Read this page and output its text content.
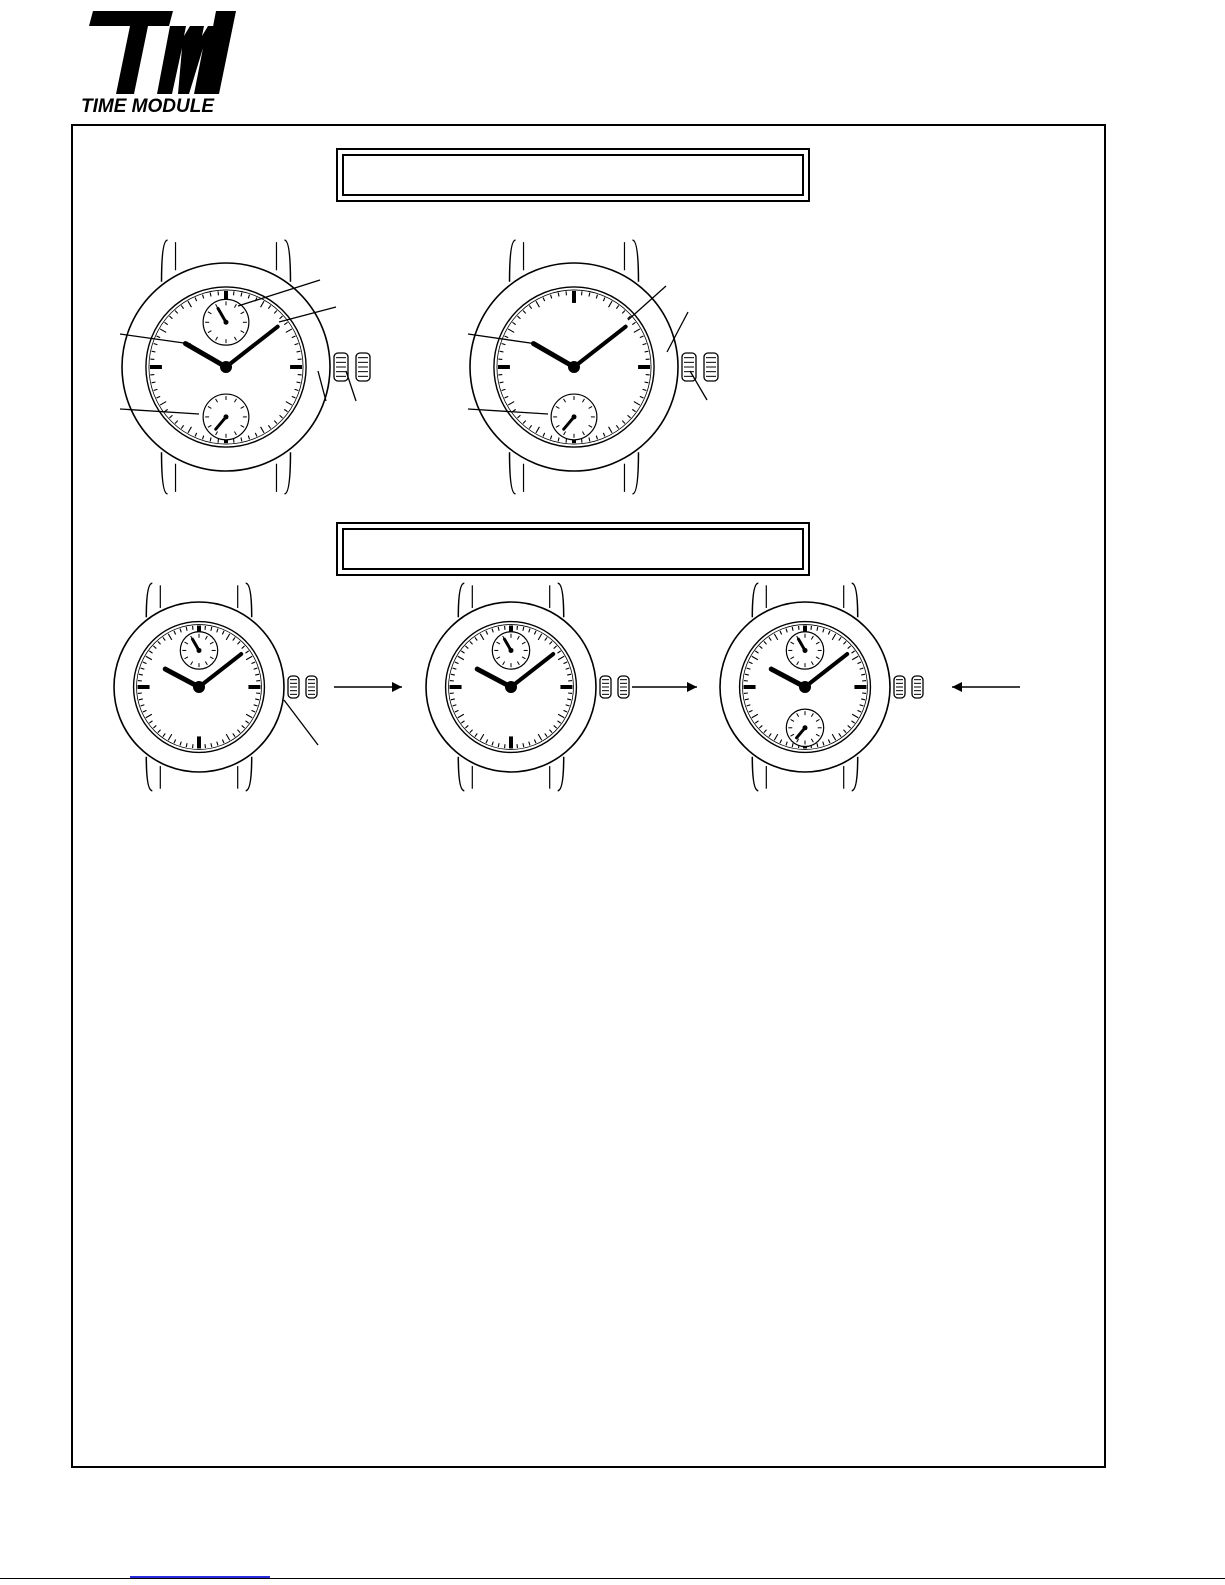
TIME MODULE
